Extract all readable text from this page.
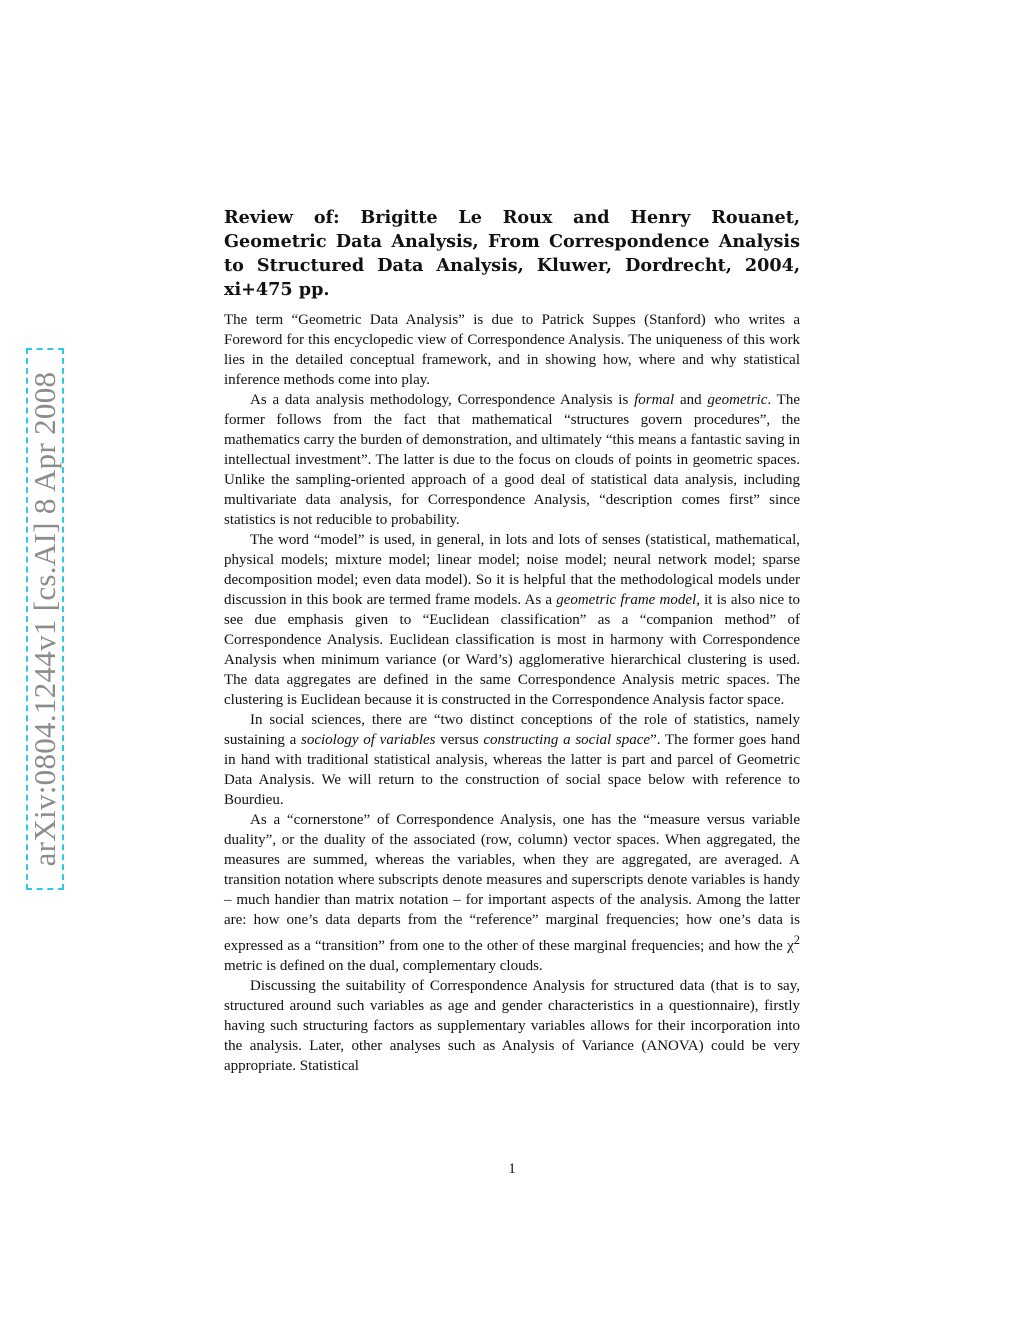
arXiv:0804.1244v1 [cs.AI] 8 Apr 2008
Review of: Brigitte Le Roux and Henry Rouanet, Geometric Data Analysis, From Correspondence Analysis to Structured Data Analysis, Kluwer, Dordrecht, 2004, xi+475 pp.

The term “Geometric Data Analysis” is due to Patrick Suppes (Stanford) who writes a Foreword for this encyclopedic view of Correspondence Analysis. The uniqueness of this work lies in the detailed conceptual framework, and in showing how, where and why statistical inference methods come into play.

As a data analysis methodology, Correspondence Analysis is formal and geometric. The former follows from the fact that mathematical “structures govern procedures”, the mathematics carry the burden of demonstration, and ultimately “this means a fantastic saving in intellectual investment”. The latter is due to the focus on clouds of points in geometric spaces. Unlike the sampling-oriented approach of a good deal of statistical data analysis, including multivariate data analysis, for Correspondence Analysis, “description comes first” since statistics is not reducible to probability.

The word “model” is used, in general, in lots and lots of senses (statistical, mathematical, physical models; mixture model; linear model; noise model; neural network model; sparse decomposition model; even data model). So it is helpful that the methodological models under discussion in this book are termed frame models. As a geometric frame model, it is also nice to see due emphasis given to “Euclidean classification” as a “companion method” of Correspondence Analysis. Euclidean classification is most in harmony with Correspondence Analysis when minimum variance (or Ward’s) agglomerative hierarchical clustering is used. The data aggregates are defined in the same Correspondence Analysis metric spaces. The clustering is Euclidean because it is constructed in the Correspondence Analysis factor space.

In social sciences, there are “two distinct conceptions of the role of statistics, namely sustaining a sociology of variables versus constructing a social space”. The former goes hand in hand with traditional statistical analysis, whereas the latter is part and parcel of Geometric Data Analysis. We will return to the construction of social space below with reference to Bourdieu.

As a “cornerstone” of Correspondence Analysis, one has the “measure versus variable duality”, or the duality of the associated (row, column) vector spaces. When aggregated, the measures are summed, whereas the variables, when they are aggregated, are averaged. A transition notation where subscripts denote measures and superscripts denote variables is handy – much handier than matrix notation – for important aspects of the analysis. Among the latter are: how one’s data departs from the “reference” marginal frequencies; how one’s data is expressed as a “transition” from one to the other of these marginal frequencies; and how the $\chi^2$ metric is defined on the dual, complementary clouds.

Discussing the suitability of Correspondence Analysis for structured data (that is to say, structured around such variables as age and gender characteristics in a questionnaire), firstly having such structuring factors as supplementary variables allows for their incorporation into the analysis. Later, other analyses such as Analysis of Variance (ANOVA) could be very appropriate. Statistical

1
